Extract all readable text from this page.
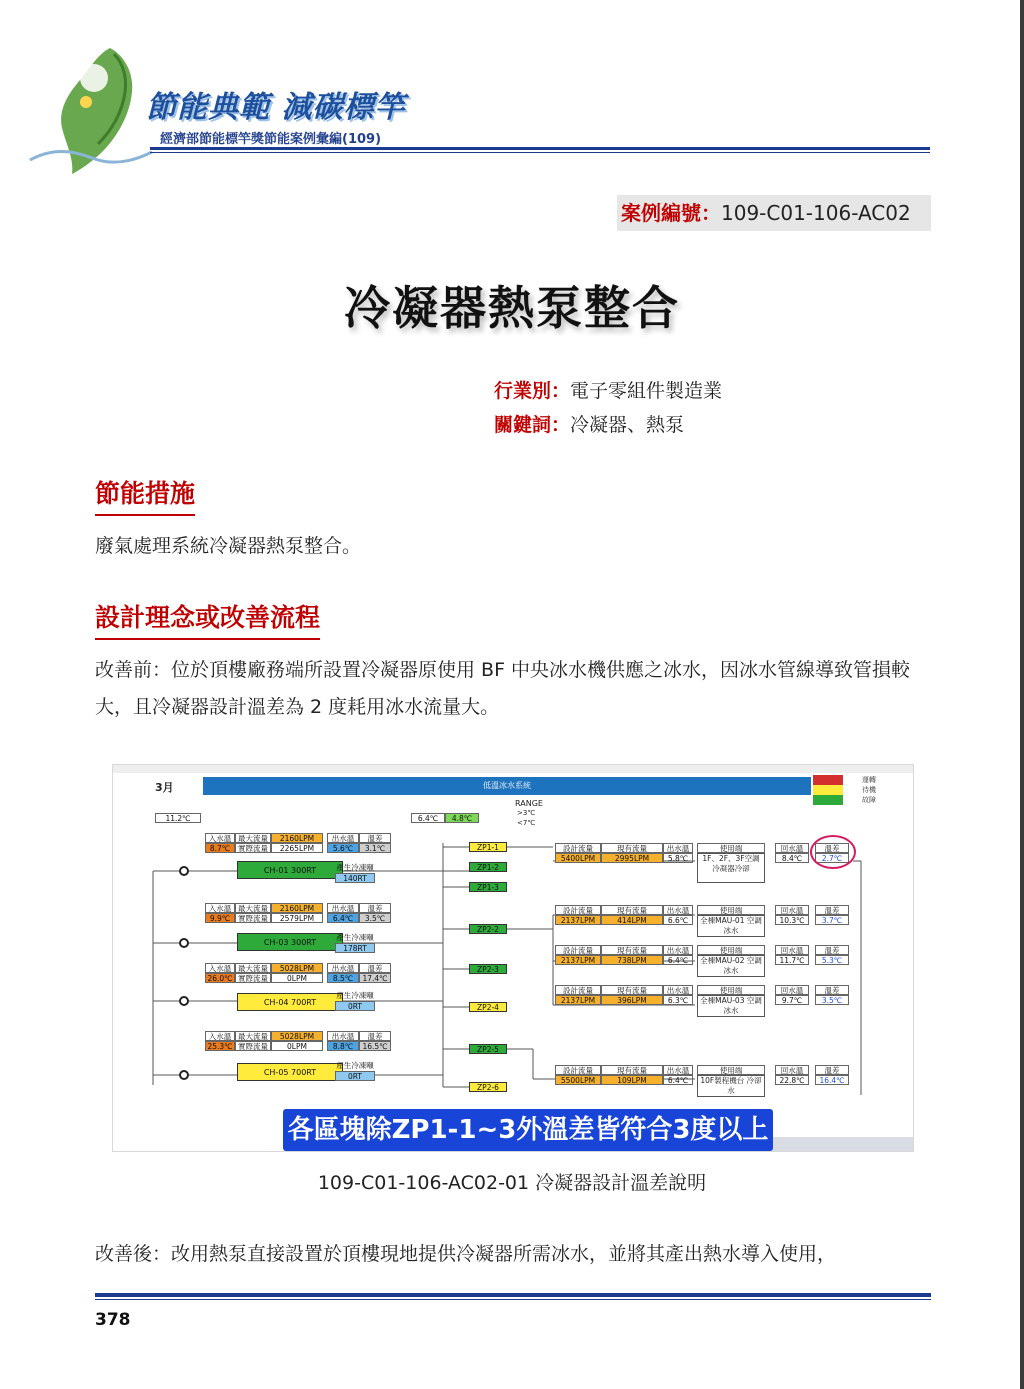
節能典範 減碳標竿
經濟部節能標竿獎節能案例彙編(109)
案例編號：109-C01-106-AC02
冷凝器熱泵整合
行業別：電子零組件製造業
關鍵詞：冷凝器、熱泵
節能措施
廢氣處理系統冷凝器熱泵整合。
設計理念或改善流程
改善前：位於頂樓廠務端所設置冷凝器原使用 BF 中央冰水機供應之冰水，因冰水管線導致管損較大，且冷凝器設計溫差為 2 度耗用冰水流量大。
3月	低溫冰水系統
運轉
待機
故障
11.2℃	6.4℃	4.8℃
RANGE
>3℃
<7℃
入水溫 最大流量	2160LPM	出水溫	溫差
8.7℃	實際流量	2265LPM	5.6℃	3.1℃
CH-01 300RT	產生冷凍噸
140RT
入水溫 最大流量	2160LPM	出水溫	溫差
9.9℃	實際流量	2579LPM	6.4℃	3.5℃
CH-03 300RT
產生冷凍噸
178RT
入水溫 最大流量	5028LPM	出水溫	溫差
26.0℃ 實際流量	0LPM	8.5℃	17.4℃
CH-04 700RT
產生冷凍噸
0RT
入水溫 最大流量	5028LPM	出水溫	溫差
25.3℃ 實際流量	0LPM	8.8℃	16.5℃
CH-05 700RT
產生冷凍噸
0RT
ZP1-1
ZP1-2
ZP1-3
ZP2-2
ZP2-3
ZP2-4
ZP2-5
ZP2-6
設計流量	現有流量	出水溫
5400LPM	2995LPM	5.8℃
使用端
1F、2F、3F空調 冷凝器冷卻
回水溫	溫差
8.4℃	2.7℃
設計流量	現有流量	出水溫
2137LPM	414LPM	6.6℃
使用端
全棟MAU-01 空調冰水
回水溫	溫差
10.3℃	3.7℃
設計流量	現有流量	出水溫
2137LPM	738LPM	6.4℃
使用端
全棟MAU-02 空調冰水
回水溫	溫差
11.7℃	5.3℃
設計流量	現有流量	出水溫
2137LPM	396LPM	6.3℃
使用端
全棟MAU-03 空調冰水
回水溫	溫差
9.7℃	3.5℃
設計流量	現有流量	出水溫
5500LPM	109LPM	6.4℃
使用端
10F製程機台 冷卻水
回水溫	溫差
22.8℃	16.4℃
各區塊除ZP1-1~3外溫差皆符合3度以上
109-C01-106-AC02-01 冷凝器設計溫差說明
改善後：改用熱泵直接設置於頂樓現地提供冷凝器所需冰水，並將其產出熱水導入使用，
378
